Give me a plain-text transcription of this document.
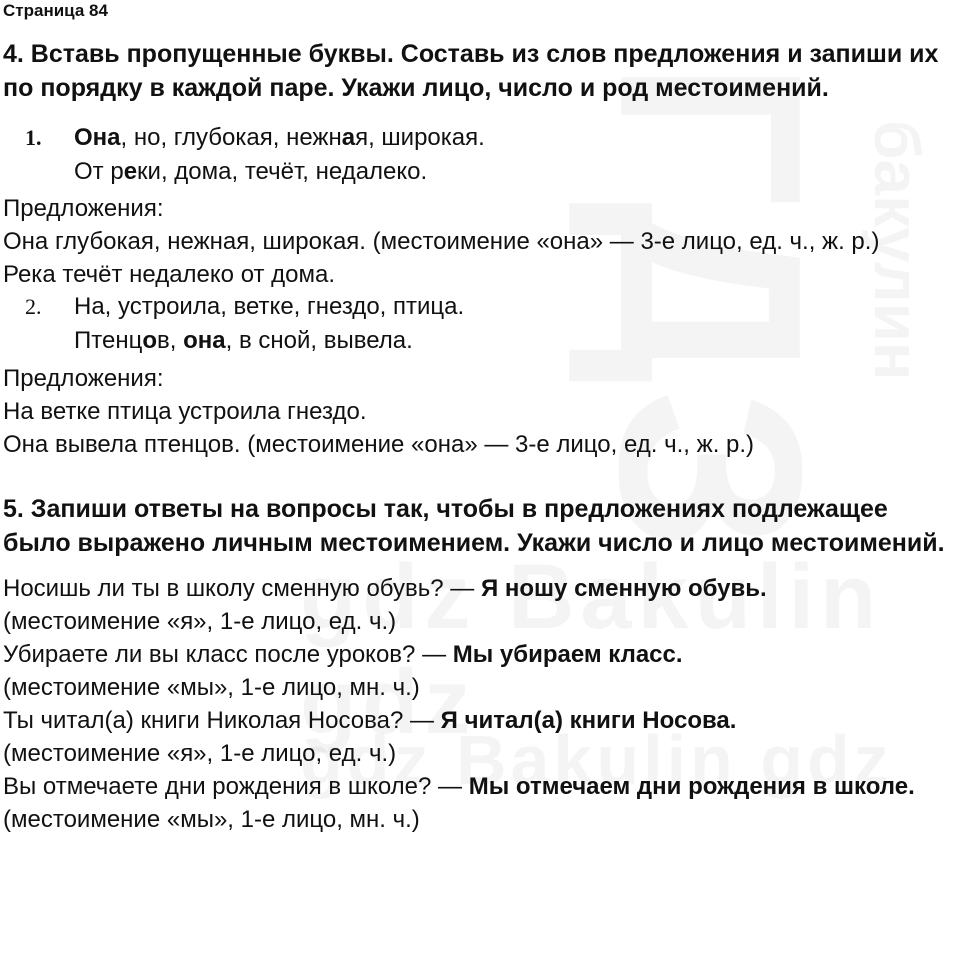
Страница 84
4. Вставь пропущенные буквы. Составь из слов предложения и запиши их по порядку в каждой паре. Укажи лицо, число и род местоимений.
1. Она, но, глубокая, нежная, широкая.
От реки, дома, течёт, недалеко.

Предложения:

Она глубокая, нежная, широкая. (местоимение «она» — 3-е лицо, ед. ч., ж. р.)

Река течёт недалеко от дома.

2. На, устроила, ветке, гнездо, птица.
Птенцов, она, в сной, вывела.

Предложения:

На ветке птица устроила гнездо.

Она вывела птенцов. (местоимение «она» — 3-е лицо, ед. ч., ж. р.)

5. Запиши ответы на вопросы так, чтобы в предложениях подлежащее было выражено личным местоимением. Укажи число и лицо местоимений.

Носишь ли ты в школу сменную обувь? — Я ношу сменную обувь.
(местоимение «я», 1-е лицо, ед. ч.)

Убираете ли вы класс после уроков? — Мы убираем класс.
(местоимение «мы», 1-е лицо, мн. ч.)

Ты читал(а) книги Николая Носова? — Я читал(а) книги Носова.
(местоимение «я», 1-е лицо, ед. ч.)

Вы отмечаете дни рождения в школе? — Мы отмечаем дни рождения в школе. (местоимение «мы», 1-е лицо, мн. ч.)
